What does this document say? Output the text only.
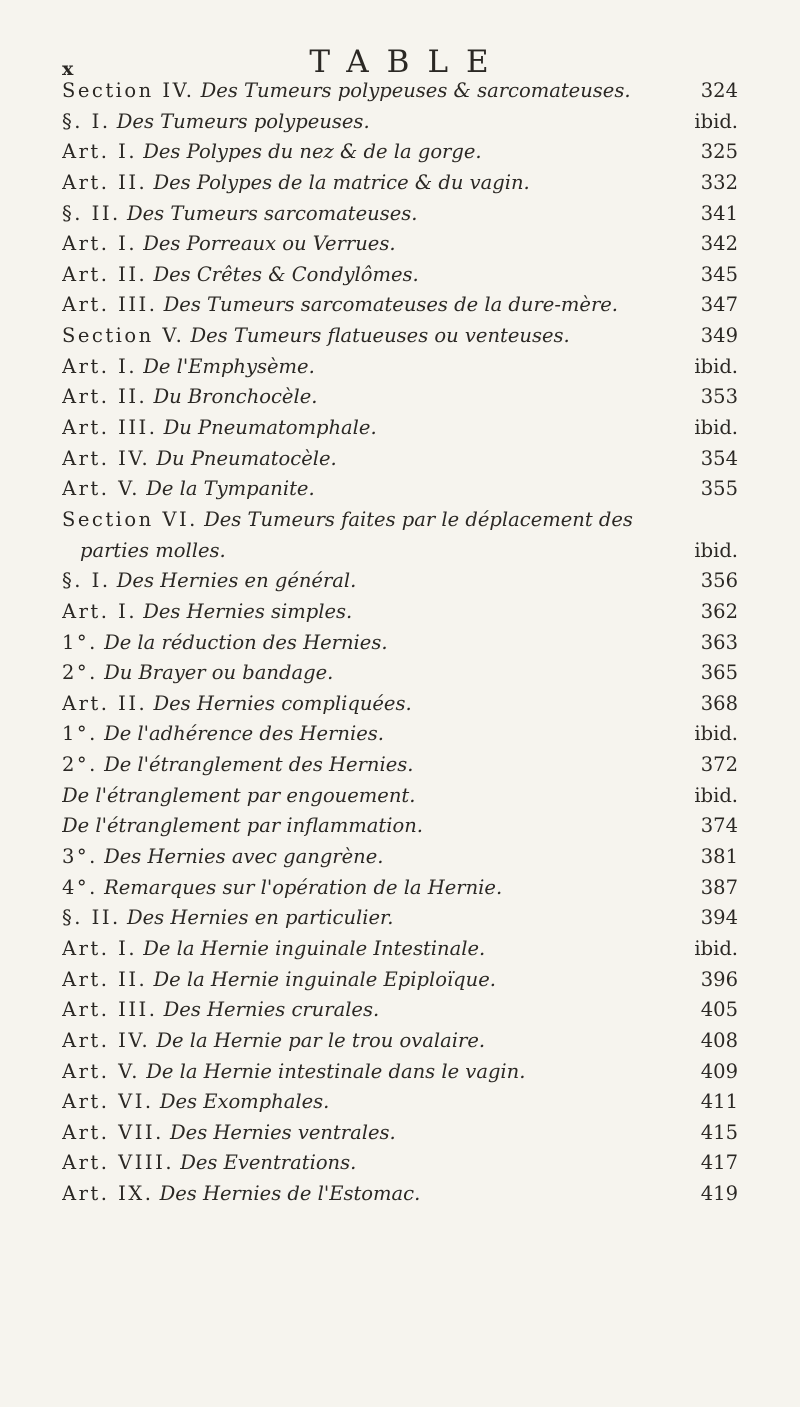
x	TABLE
Section IV. Des Tumeurs polypeuses & sarcomateuses.	324
§. I. Des Tumeurs polypeuses.	ibid.
Art. I. Des Polypes du nez & de la gorge.	325
Art. II. Des Polypes de la matrice & du vagin.	332
§. II. Des Tumeurs sarcomateuses.	341
Art. I. Des Porreaux ou Verrues.	342
Art. II. Des Crêtes & Condylômes.	345
Art. III. Des Tumeurs sarcomateuses de la dure-mère.	347
Section V. Des Tumeurs flatueuses ou venteuses.	349
Art. I. De l'Emphysème.	ibid.
Art. II. Du Bronchocèle.	353
Art. III. Du Pneumatomphale.	ibid.
Art. IV. Du Pneumatocèle.	354
Art. V. De la Tympanite.	355
Section VI. Des Tumeurs faites par le déplacement des
parties molles.	ibid.
§. I. Des Hernies en général.	356
Art. I. Des Hernies simples.	362
1°. De la réduction des Hernies.	363
2°. Du Brayer ou bandage.	365
Art. II. Des Hernies compliquées.	368
1°. De l'adhérence des Hernies.	ibid.
2°. De l'étranglement des Hernies.	372
De l'étranglement par engouement.	ibid.
De l'étranglement par inflammation.	374
3°. Des Hernies avec gangrène.	381
4°. Remarques sur l'opération de la Hernie.	387
§. II. Des Hernies en particulier.	394
Art. I. De la Hernie inguinale Intestinale.	ibid.
Art. II. De la Hernie inguinale Epiploïque.	396
Art. III. Des Hernies crurales.	405
Art. IV. De la Hernie par le trou ovalaire.	408
Art. V. De la Hernie intestinale dans le vagin.	409
Art. VI. Des Exomphales.	411
Art. VII. Des Hernies ventrales.	415
Art. VIII. Des Eventrations.	417
Art. IX. Des Hernies de l'Estomac.	419
